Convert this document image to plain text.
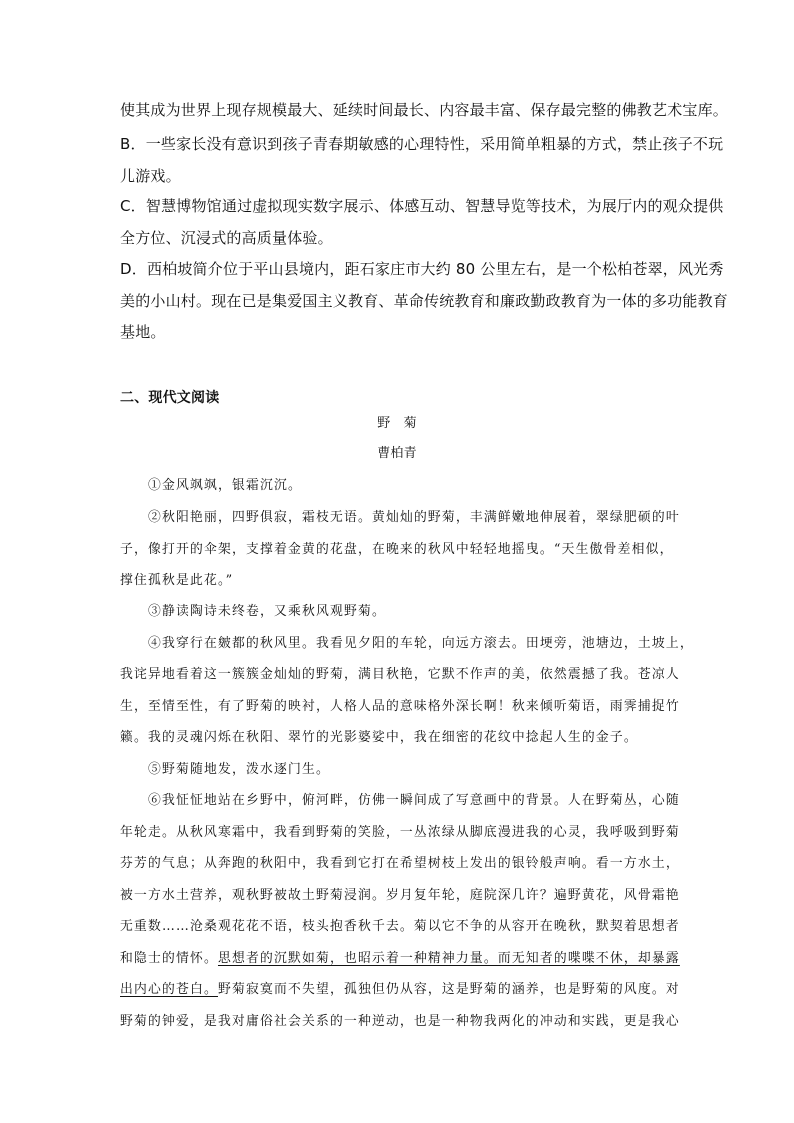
使其成为世界上现存规模最大、延续时间最长、内容最丰富、保存最完整的佛教艺术宝库。
B．一些家长没有意识到孩子青春期敏感的心理特性，采用简单粗暴的方式，禁止孩子不玩
儿游戏。
C．智慧博物馆通过虚拟现实数字展示、体感互动、智慧导览等技术，为展厅内的观众提供
全方位、沉浸式的高质量体验。
D．西柏坡简介位于平山县境内，距石家庄市大约 80 公里左右，是一个松柏苍翠，风光秀
美的小山村。现在已是集爱国主义教育、革命传统教育和廉政勤政教育为一体的多功能教育
基地。
二、现代文阅读
野　菊
曹柏青
①金风飒飒，银霜沉沉。
②秋阳艳丽，四野俱寂，霜枝无语。黄灿灿的野菊，丰满鲜嫩地伸展着，翠绿肥硕的叶
子，像打开的伞架，支撑着金黄的花盘，在晚来的秋风中轻轻地摇曳。“天生傲骨差相似，
撑住孤秋是此花。”
③静读陶诗未终卷，又乘秋风观野菊。
④我穿行在皴都的秋风里。我看见夕阳的车轮，向远方滚去。田埂旁，池塘边，土坡上，
我诧异地看着这一簇簇金灿灿的野菊，满目秋艳，它默不作声的美，依然震撼了我。苍凉人
生，至情至性，有了野菊的映衬，人格人品的意味格外深长啊！秋来倾听菊语，雨霁捕捉竹
籁。我的灵魂闪烁在秋阳、翠竹的光影婆娑中，我在细密的花纹中捻起人生的金子。
⑤野菊随地发，泼水逐门生。
⑥我怔怔地站在乡野中，俯河畔，仿佛一瞬间成了写意画中的背景。人在野菊丛，心随
年轮走。从秋风寒霜中，我看到野菊的笑脸，一丛浓绿从脚底漫进我的心灵，我呼吸到野菊
芬芳的气息；从奔跑的秋阳中，我看到它打在希望树枝上发出的银铃般声响。看一方水土，
被一方水土营养，观秋野被故土野菊浸润。岁月复年轮，庭院深几许？遍野黄花，风骨霜艳
无重数……沧桑观花花不语，枝头抱香秋千去。菊以它不争的从容开在晚秋，默契着思想者
和隐士的情怀。思想者的沉默如菊，也昭示着一种精神力量。而无知者的喋喋不休，却暴露
出内心的苍白。野菊寂寞而不失望，孤独但仍从容，这是野菊的涵养，也是野菊的风度。对
野菊的钟爱，是我对庸俗社会关系的一种逆动，也是一种物我两化的冲动和实践，更是我心
